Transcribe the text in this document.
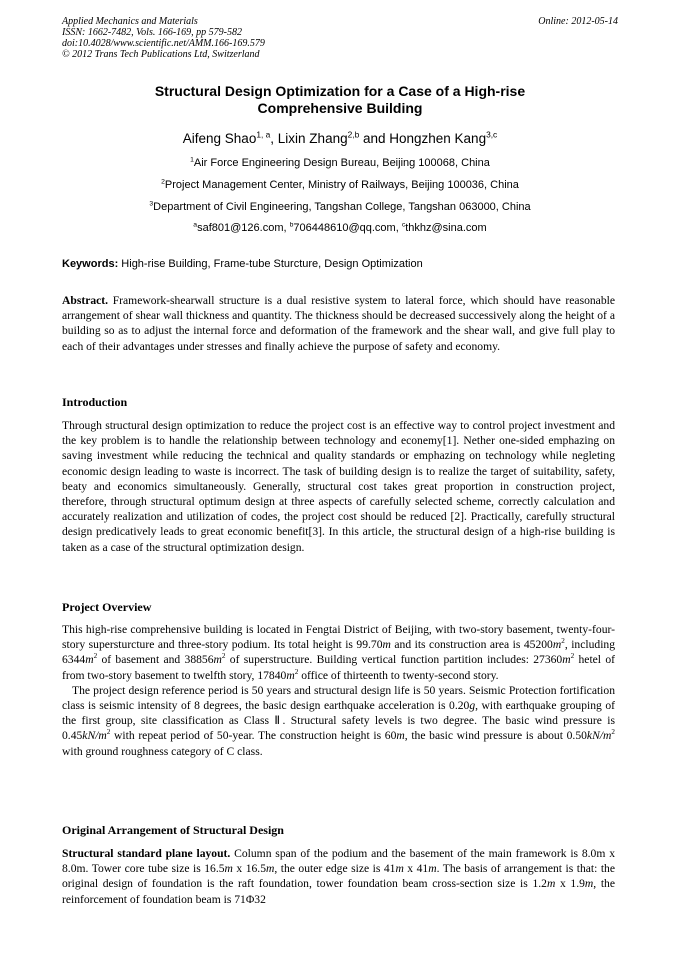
Applied Mechanics and Materials
ISSN: 1662-7482, Vols. 166-169, pp 579-582
doi:10.4028/www.scientific.net/AMM.166-169.579
© 2012 Trans Tech Publications Ltd, Switzerland
Online: 2012-05-14
Structural Design Optimization for a Case of a High-rise
Comprehensive Building
Aifeng Shao$^{1, a}$, Lixin Zhang$^{2,b}$ and Hongzhen Kang$^{3,c}$
$^1$Air Force Engineering Design Bureau, Beijing 100068, China
$^2$Project Management Center, Ministry of Railways, Beijing 100036, China
$^3$Department of Civil Engineering, Tangshan College, Tangshan 063000, China
$^a$saf801@126.com, $^b$706448610@qq.com, $^c$thkhz@sina.com
Keywords: High-rise Building, Frame-tube Sturcture, Design Optimization
Abstract. Framework-shearwall structure is a dual resistive system to lateral force, which should have reasonable arrangement of shear wall thickness and quantity. The thickness should be decreased successively along the height of a building so as to adjust the internal force and deformation of the framework and the shear wall, and give full play to each of their advantages under stresses and finally achieve the purpose of safety and economy.
Introduction
Through structural design optimization to reduce the project cost is an effective way to control project investment and the key problem is to handle the relationship between technology and econemy[1]. Nether one-sided emphazing on saving investment while reducing the technical and quality standards or emphazing on technology while negleting economic design leading to waste is incorrect. The task of building design is to realize the target of suitability, safety, beaty and economics simultaneously. Generally, structural cost takes great proportion in construction project, therefore, through structural optimum design at three aspects of carefully selected scheme, correctly calculation and accurately realization and utilization of codes, the project cost should be reduced [2]. Practically, carefully structural design predicatively leads to great economic benefit[3]. In this article, the structural design of a high-rise building is taken as a case of the structural optimization design.
Project Overview
This high-rise comprehensive building is located in Fengtai District of Beijing, with two-story basement, twenty-four-story supersturcture and three-story podium. Its total height is 99.70m and its construction area is $45200m^2$, including $6344m^2$ of basement and $38856m^2$ of superstructure. Building vertical function partition includes: $27360m^2$ hetel of from two-story basement to twelfth story, $17840m^2$ office of thirteenth to twenty-second story.
The project design reference period is 50 years and structural design life is 50 years. Seismic Protection fortification class is seismic intensity of 8 degrees, the basic design earthquake acceleration is 0.20g, with earthquake grouping of the first group, site classification as Class Ⅱ. Structural safety levels is two degree. The basic wind pressure is $0.45kN/m^2$ with repeat period of 50-year. The construction height is 60m, the basic wind pressure is about $0.50kN/m^2$ with ground roughness category of C class.
Original Arrangement of Structural Design
Structural standard plane layout. Column span of the podium and the basement of the main framework is 8.0m x 8.0m. Tower core tube size is 16.5m x 16.5m, the outer edge size is 41m x 41m. The basis of arrangement is that: the original design of foundation is the raft foundation, tower foundation beam cross-section size is 1.2m x 1.9m, the reinforcement of foundation beam is 71Φ32
